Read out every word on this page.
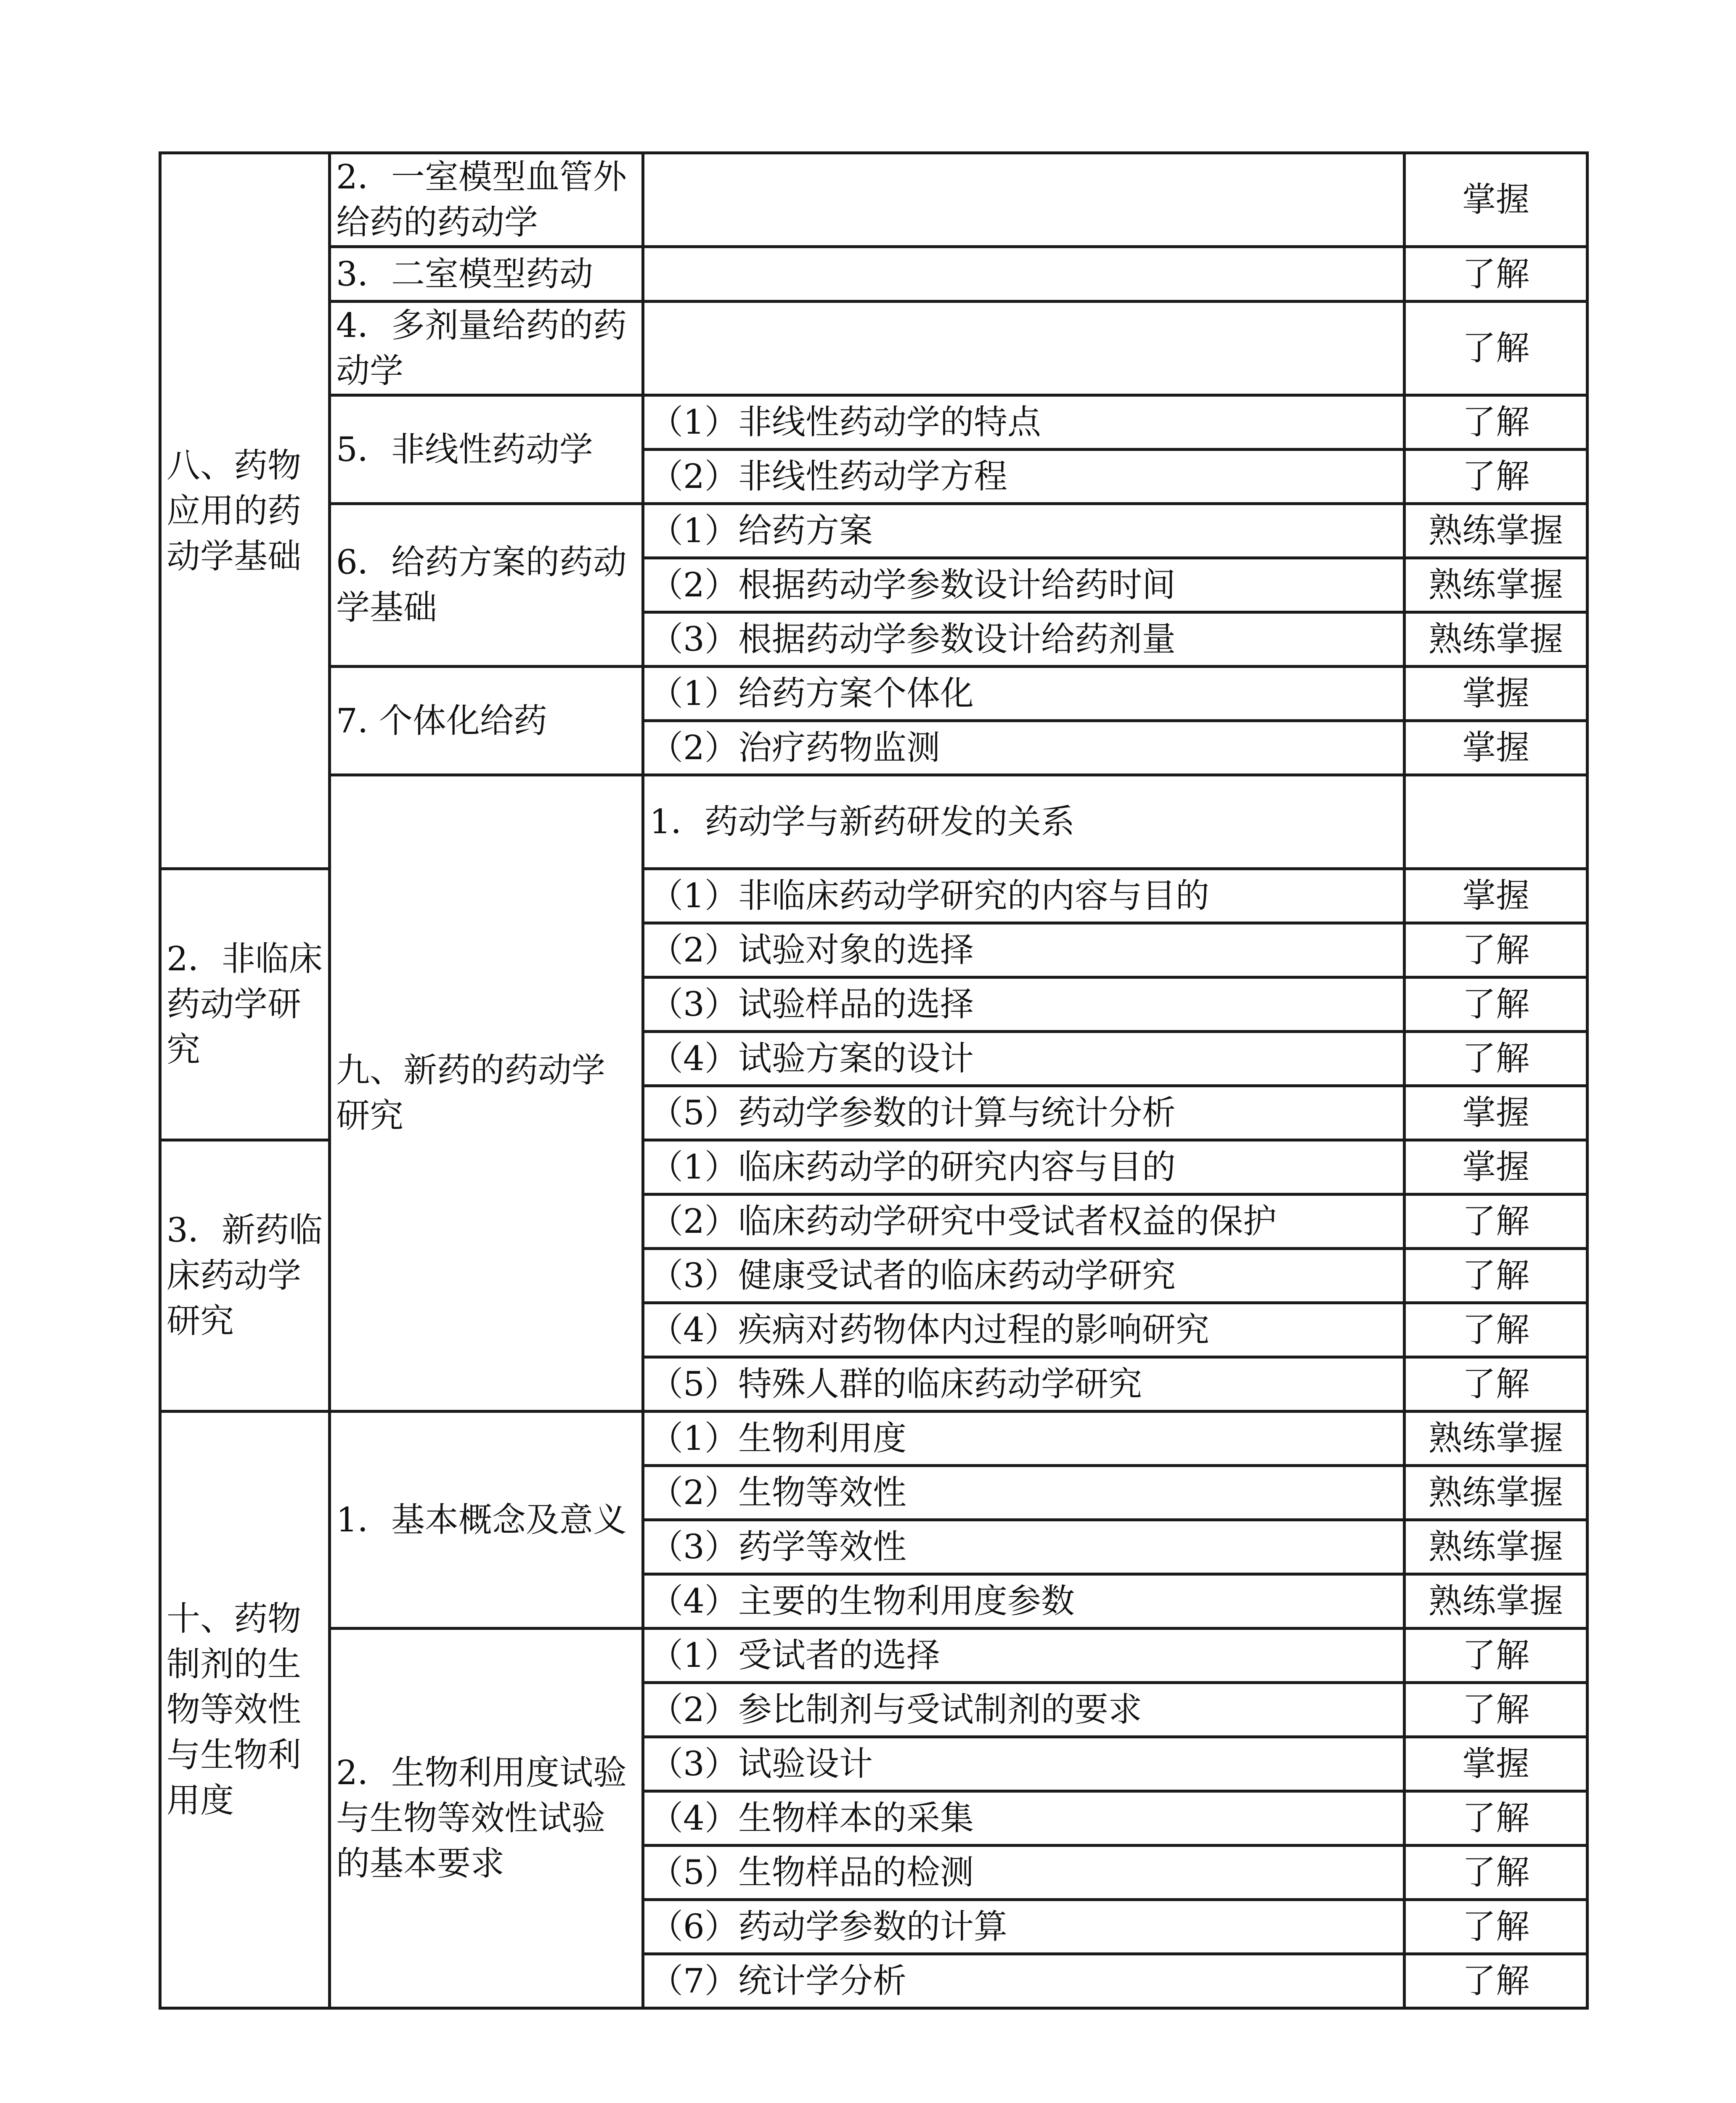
八、药物应用的药动学基础	2．一室模型血管外给药的药动学		掌握	
	3．二室模型药动		了解	
	4．多剂量给药的药动学		了解	
	5．非线性药动学	（1）非线性药动学的特点	了解	
		（2）非线性药动学方程	了解	
	6．给药方案的药动学基础	（1）给药方案	熟练掌握	
		（2）根据药动学参数设计给药时间	熟练掌握	
		（3）根据药动学参数设计给药剂量	熟练掌握	
	7. 个体化给药	（1）给药方案个体化	掌握	
		（2）治疗药物监测	掌握	
	九、新药的药动学研究	1．药动学与新药研发的关系		
2．非临床药动学研究		（1）非临床药动学研究的内容与目的	掌握	
		（2）试验对象的选择	了解	
		（3）试验样品的选择	了解	
		（4）试验方案的设计	了解	
		（5）药动学参数的计算与统计分析	掌握	
3．新药临床药动学研究		（1）临床药动学的研究内容与目的	掌握	
		（2）临床药动学研究中受试者权益的保护	了解	
		（3）健康受试者的临床药动学研究	了解	
		（4）疾病对药物体内过程的影响研究	了解	
		（5）特殊人群的临床药动学研究	了解	
十、药物制剂的生物等效性与生物利用度	1．基本概念及意义	（1）生物利用度	熟练掌握	
		（2）生物等效性	熟练掌握	
		（3）药学等效性	熟练掌握	
		（4）主要的生物利用度参数	熟练掌握	
	2．生物利用度试验与生物等效性试验的基本要求	（1）受试者的选择	了解	
		（2）参比制剂与受试制剂的要求	了解	
		（3）试验设计	掌握	
		（4）生物样本的采集	了解	
		（5）生物样品的检测	了解	
		（6）药动学参数的计算	了解	
		（7）统计学分析	了解	
